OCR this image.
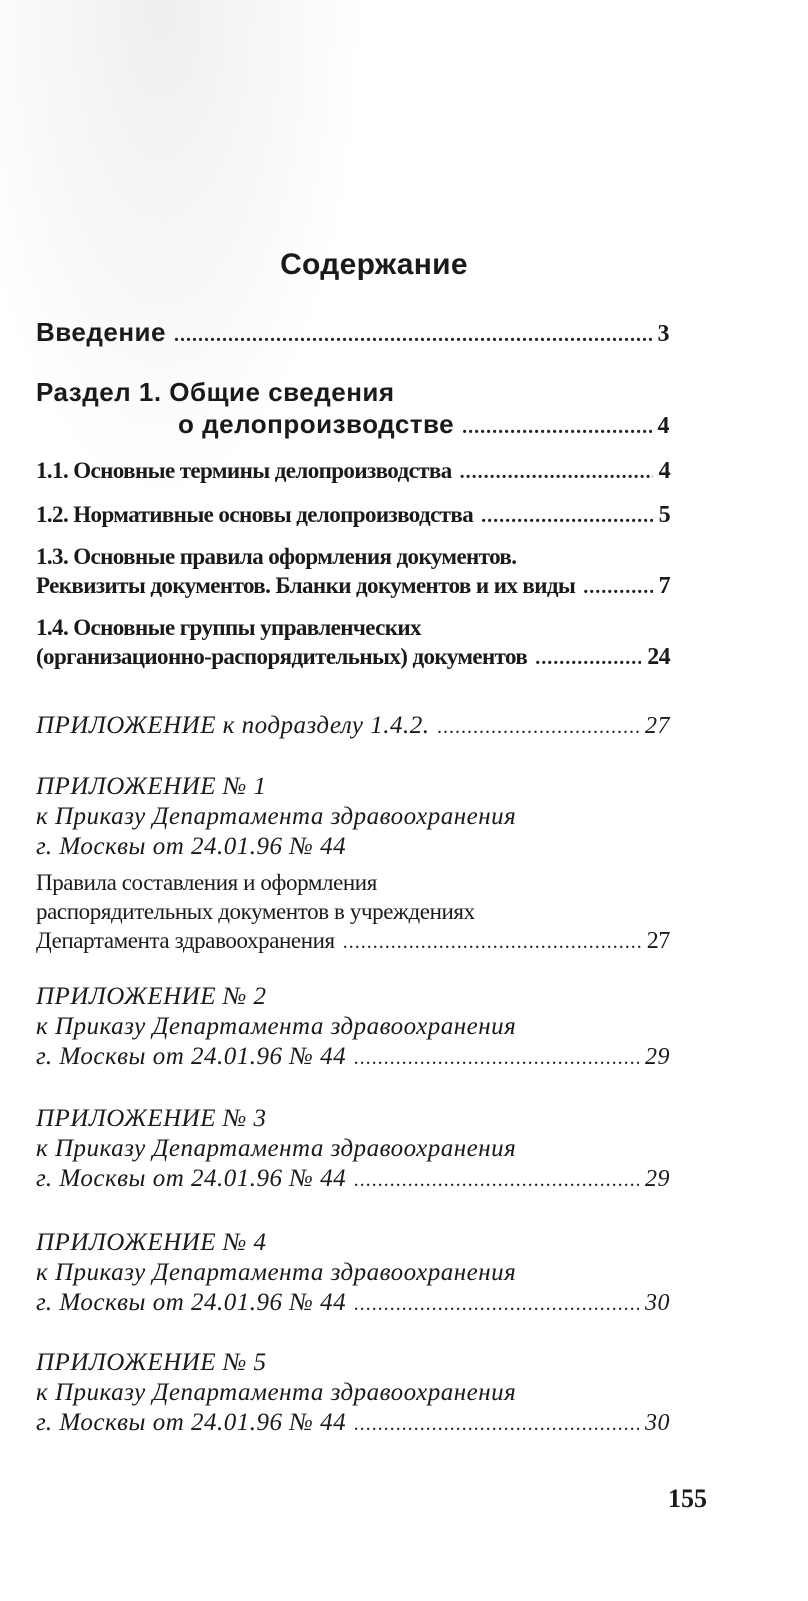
Содержание
Введение .....	3
Раздел 1. Общие сведения
о делопроизводстве .....	4
1.1. Основные термины делопроизводства .....	4
1.2. Нормативные основы делопроизводства .....	5
1.3. Основные правила оформления документов.
Реквизиты документов. Бланки документов и их виды .....	7
1.4. Основные группы управленческих
(организационно-распорядительных) документов .....	24
ПРИЛОЖЕНИЕ к подразделу 1.4.2. .....	27
ПРИЛОЖЕНИЕ № 1
к Приказу Департамента здравоохранения
г. Москвы от 24.01.96 № 44
Правила составления и оформления
распорядительных документов в учреждениях
Департамента здравоохранения .....	27
ПРИЛОЖЕНИЕ № 2
к Приказу Департамента здравоохранения
г. Москвы от 24.01.96 № 44 .....	29
ПРИЛОЖЕНИЕ № 3
к Приказу Департамента здравоохранения
г. Москвы от 24.01.96 № 44 .....	29
ПРИЛОЖЕНИЕ № 4
к Приказу Департамента здравоохранения
г. Москвы от 24.01.96 № 44 .....	30
ПРИЛОЖЕНИЕ № 5
к Приказу Департамента здравоохранения
г. Москвы от 24.01.96 № 44 .....	30
155
